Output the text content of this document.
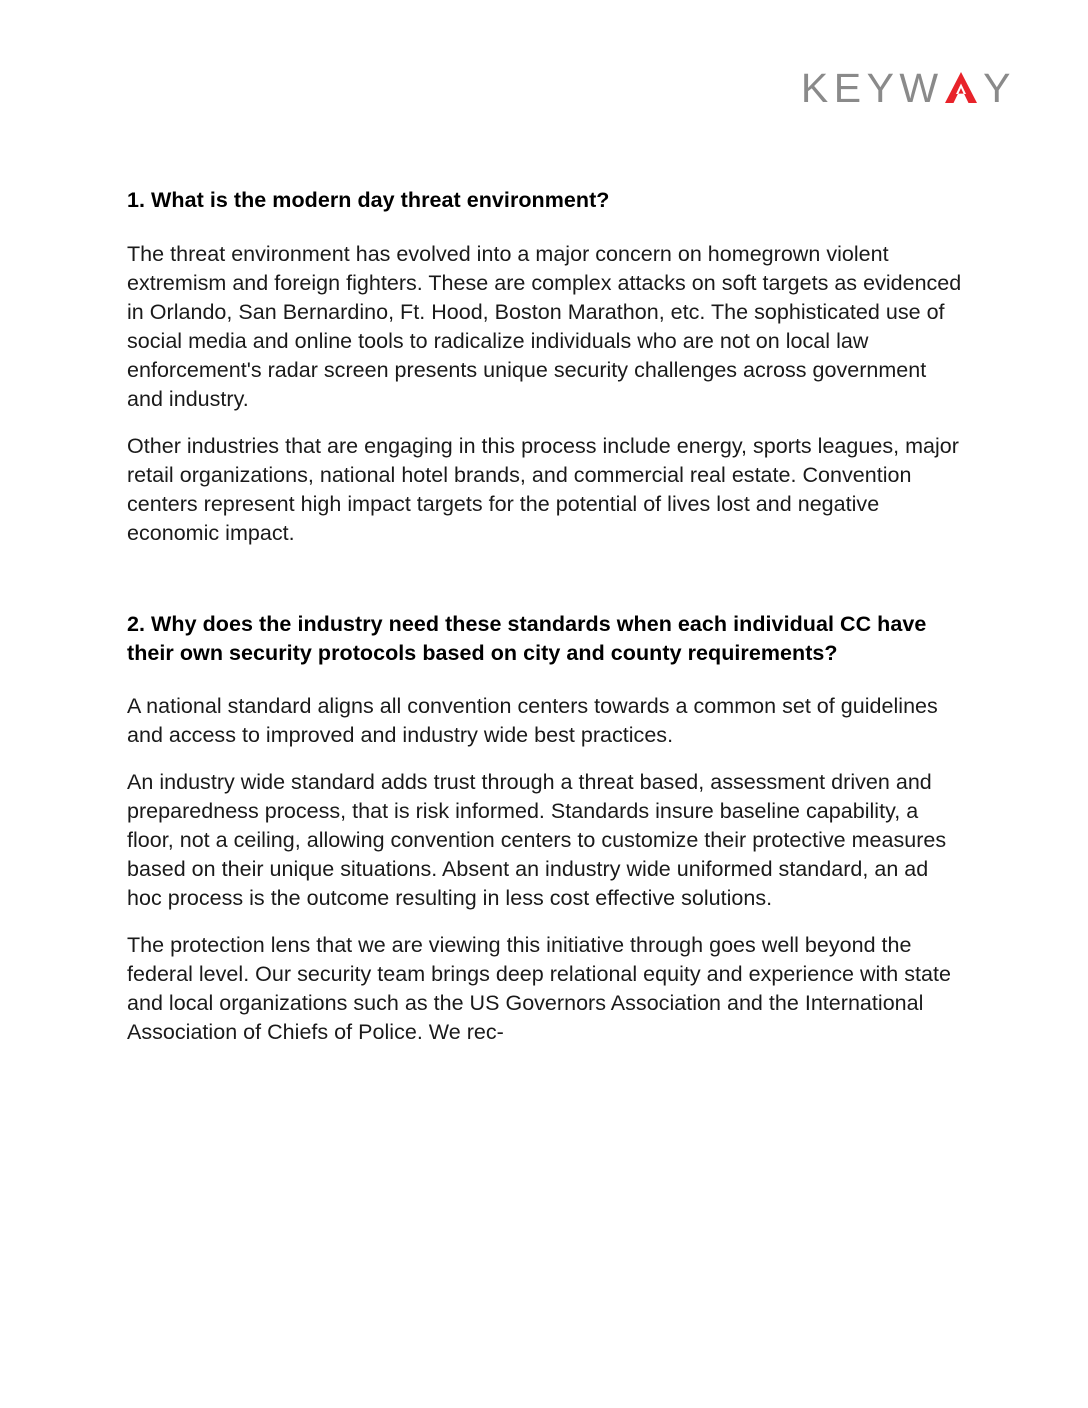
KEYW Y
1. What is the modern day threat environment?

The threat environment has evolved into a major concern on homegrown violent extremism and foreign fighters. These are complex attacks on soft targets as evidenced in Orlando, San Bernardino, Ft. Hood, Boston Marathon, etc. The sophisticated use of social media and online tools to radicalize individuals who are not on local law enforcement's radar screen presents unique security challenges across government and industry.

Other industries that are engaging in this process include energy, sports leagues, major retail organizations, national hotel brands, and commercial real estate. Convention centers represent high impact targets for the potential of lives lost and negative economic impact.

2. Why does the industry need these standards when each individual CC have their own security protocols based on city and county requirements?

A national standard aligns all convention centers towards a common set of guidelines and access to improved and industry wide best practices.

An industry wide standard adds trust through a threat based, assessment driven and preparedness process, that is risk informed. Standards insure baseline capability, a floor, not a ceiling, allowing convention centers to customize their protective measures based on their unique situations. Absent an industry wide uniformed standard, an ad hoc process is the outcome resulting in less cost effective solutions.

The protection lens that we are viewing this initiative through goes well beyond the federal level. Our security team brings deep relational equity and experience with state and local organizations such as the US Governors Association and the International Association of Chiefs of Police. We rec-
